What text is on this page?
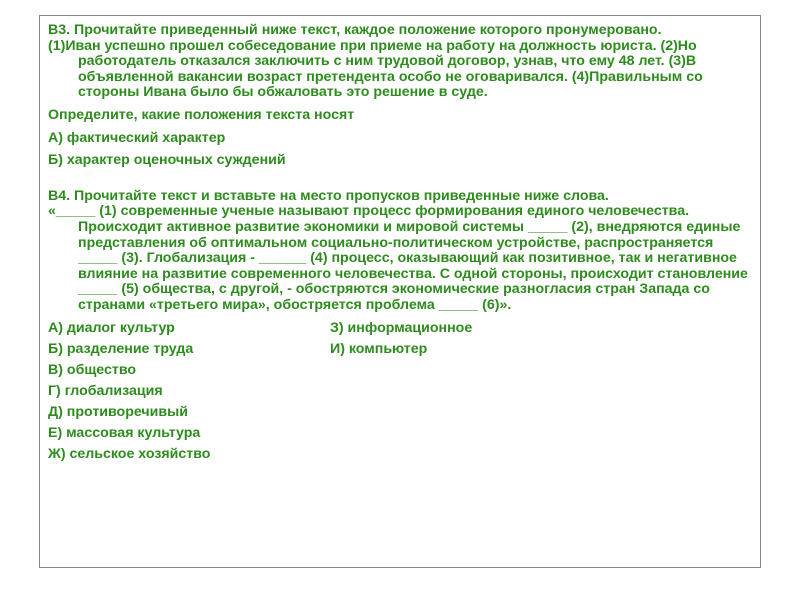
В3. Прочитайте приведенный ниже текст, каждое положение которого пронумеровано.

(1)Иван успешно прошел собеседование при приеме на работу на должность юриста. (2)Но работодатель отказался заключить с ним трудовой договор, узнав, что ему 48 лет. (3)В объявленной вакансии возраст претендента особо не оговаривался. (4)Правильным со стороны Ивана было бы обжаловать это решение в суде.

Определите, какие положения текста носят

А) фактический характер

Б) характер оценочных суждений

В4. Прочитайте текст и вставьте на место пропусков приведенные ниже слова.

«_____ (1) современные ученые называют процесс формирования единого человечества. Происходит активное развитие экономики и мировой системы _____ (2), внедряются единые представления об оптимальном социально-политическом устройстве, распространяется _____ (3). Глобализация - ______ (4) процесс, оказывающий как позитивное, так и негативное влияние на развитие современного человечества. С одной стороны, происходит становление _____ (5) общества, с другой, - обостряются экономические разногласия стран Запада со странами «третьего мира», обостряется проблема _____ (6)».

А) диалог культур	З) информационное
Б) разделение труда	И) компьютер
В) общество
Г) глобализация
Д) противоречивый
Е) массовая культура
Ж) сельское хозяйство
